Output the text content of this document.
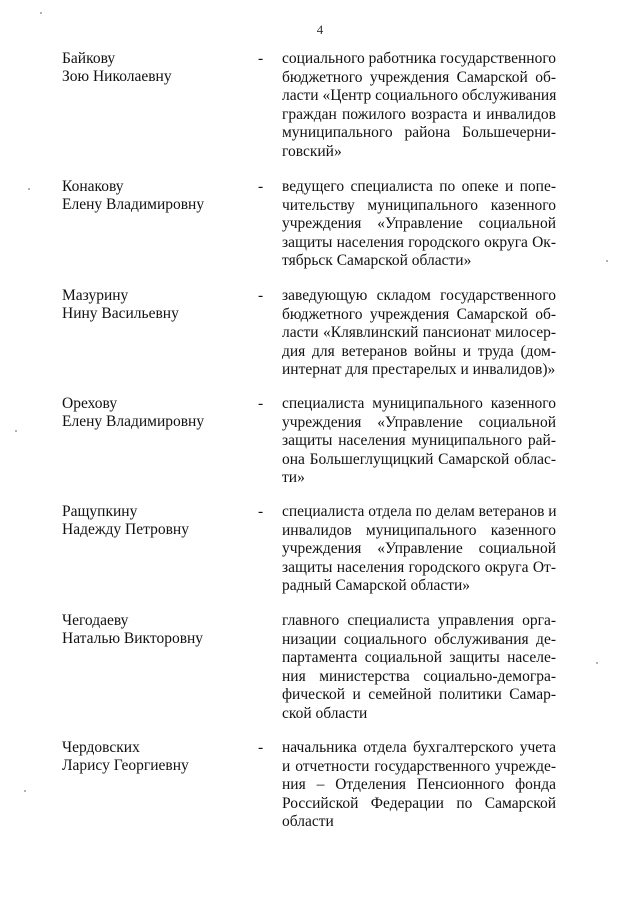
4
Байкову
Зою Николаевну
- социального работника государственного
бюджетного учреждения Самарской об-
ласти «Центр социального обслуживания
граждан пожилого возраста и инвалидов
муниципального района Большечерни-
говский»
Конакову
Елену Владимировну
- ведущего специалиста по опеке и попе-
чительству муниципального казенного
учреждения «Управление социальной
защиты населения городского округа Ок-
тябрьск Самарской области»
Мазурину
Нину Васильевну
- заведующую складом государственного
бюджетного учреждения Самарской об-
ласти «Клявлинский пансионат милосер-
дия для ветеранов войны и труда (дом-
интернат для престарелых и инвалидов)»
Орехову
Елену Владимировну
- специалиста муниципального казенного
учреждения «Управление социальной
защиты населения муниципального рай-
она Большеглущицкий Самарской облас-
ти»
Ращупкину
Надежду Петровну
- специалиста отдела по делам ветеранов и
инвалидов муниципального казенного
учреждения «Управление социальной
защиты населения городского округа От-
радный Самарской области»
Чегодаеву
Наталью Викторовну
главного специалиста управления орга-
низации социального обслуживания де-
партамента социальной защиты населе-
ния министерства социально-демогра-
фической и семейной политики Самар-
ской области
Чердовских
Ларису Георгиевну
- начальника отдела бухгалтерского учета
и отчетности государственного учрежде-
ния – Отделения Пенсионного фонда
Российской Федерации по Самарской
области
